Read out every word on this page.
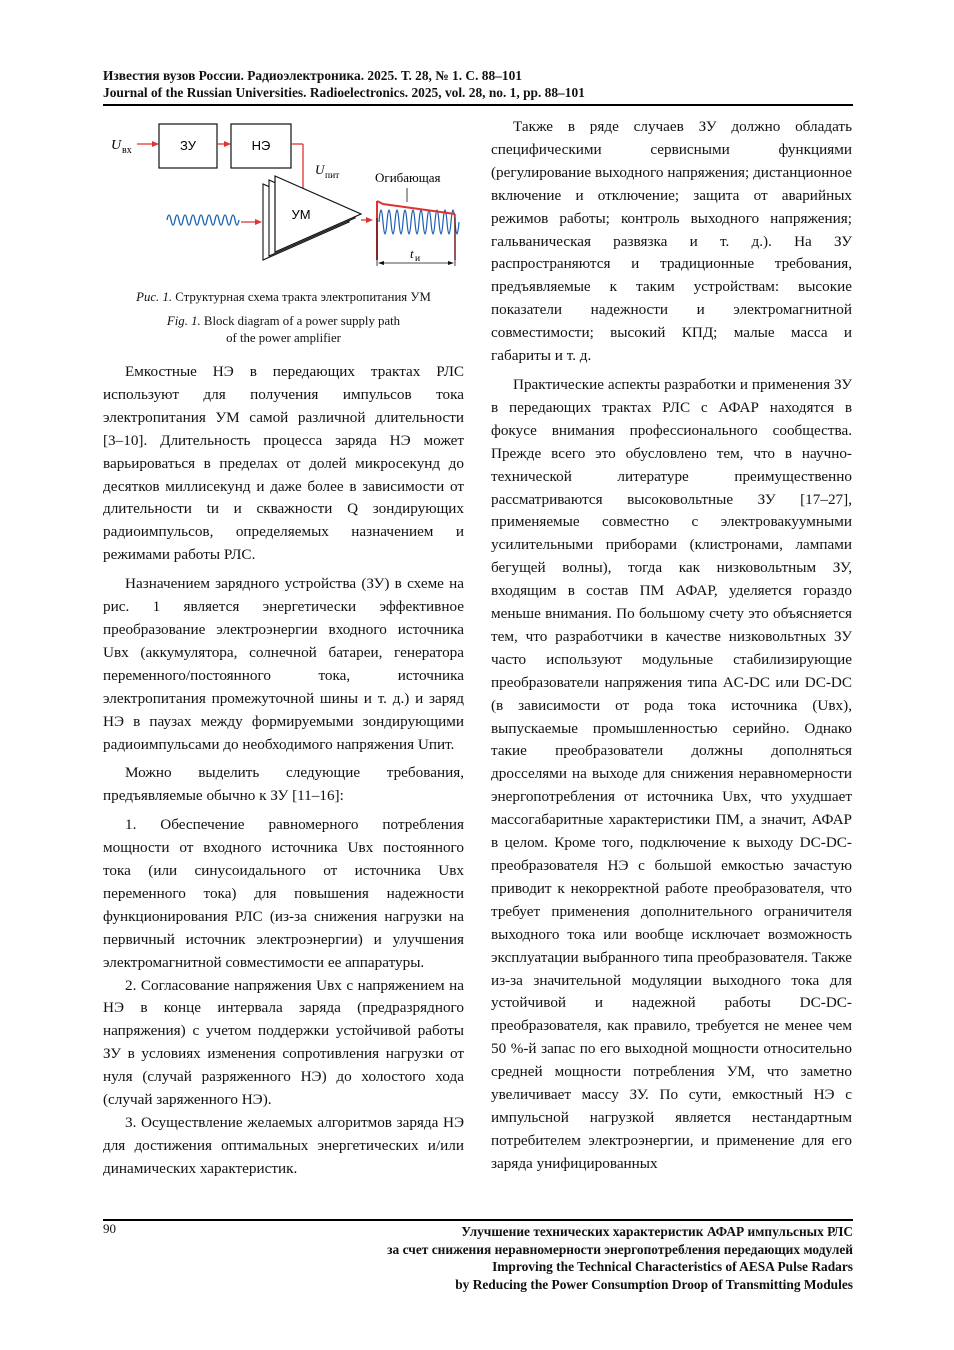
Известия вузов России. Радиоэлектроника. 2025. Т. 28, № 1. С. 88–101
Journal of the Russian Universities. Radioelectronics. 2025, vol. 28, no. 1, pp. 88–101
U вх	ЗУ	НЭ
U пит
УМ
Огибающая
t и
Рис. 1. Структурная схема тракта электропитания УМ
Fig. 1. Block diagram of a power supply path
of the power amplifier

Емкостные НЭ в передающих трактах РЛС используют для получения импульсов тока электропитания УМ самой различной длительности [3–10]. Длительность процесса заряда НЭ может варьироваться в пределах от долей микросекунд до десятков миллисекунд и даже более в зависимости от длительности tи и скважности Q зондирующих радиоимпульсов, определяемых назначением и режимами работы РЛС.

Назначением зарядного устройства (ЗУ) в схеме на рис. 1 является энергетически эффективное преобразование электроэнергии входного источника Uвх (аккумулятора, солнечной батареи, генератора переменного/постоянного тока, источника электропитания промежуточной шины и т. д.) и заряд НЭ в паузах между формируемыми зондирующими радиоимпульсами до необходимого напряжения Uпит.

Можно выделить следующие требования, предъявляемые обычно к ЗУ [11–16]:

1. Обеспечение равномерного потребления мощности от входного источника Uвх постоянного тока (или синусоидального от источника Uвх переменного тока) для повышения надежности функционирования РЛС (из-за снижения нагрузки на первичный источник электроэнергии) и улучшения электромагнитной совместимости ее аппаратуры.

2. Согласование напряжения Uвх с напряжением на НЭ в конце интервала заряда (предразрядного напряжения) с учетом поддержки устойчивой работы ЗУ в условиях изменения сопротивления нагрузки от нуля (случай разряженного НЭ) до холостого хода (случай заряженного НЭ).

3. Осуществление желаемых алгоритмов заряда НЭ для достижения оптимальных энергетических и/или динамических характеристик.

Также в ряде случаев ЗУ должно обладать специфическими сервисными функциями (регулирование выходного напряжения; дистанционное включение и отключение; защита от аварийных режимов работы; контроль выходного напряжения; гальваническая развязка и т. д.). На ЗУ распространяются и традиционные требования, предъявляемые к таким устройствам: высокие показатели надежности и электромагнитной совместимости; высокий КПД; малые масса и габариты и т. д.

Практические аспекты разработки и применения ЗУ в передающих трактах РЛС с АФАР находятся в фокусе внимания профессионального сообщества. Прежде всего это обусловлено тем, что в научно-технической литературе преимущественно рассматриваются высоковольтные ЗУ [17–27], применяемые совместно с электровакуумными усилительными приборами (клистронами, лампами бегущей волны), тогда как низковольтным ЗУ, входящим в состав ПМ АФАР, уделяется гораздо меньше внимания. По большому счету это объясняется тем, что разработчики в качестве низковольтных ЗУ часто используют модульные стабилизирующие преобразователи напряжения типа AC-DC или DC-DC (в зависимости от рода тока источника (Uвх), выпускаемые промышленностью серийно. Однако такие преобразователи должны дополняться дросселями на выходе для снижения неравномерности энергопотребления от источника Uвх, что ухудшает массогабаритные характеристики ПМ, а значит, АФАР в целом. Кроме того, подключение к выходу DC-DC-преобразователя НЭ с большой емкостью зачастую приводит к некорректной работе преобразователя, что требует применения дополнительного ограничителя выходного тока или вообще исключает возможность эксплуатации выбранного типа преобразователя. Также из-за значительной модуляции выходного тока для устойчивой и надежной работы DC-DC-преобразователя, как правило, требуется не менее чем 50 %-й запас по его выходной мощности относительно средней мощности потребления УМ, что заметно увеличивает массу ЗУ. По сути, емкостный НЭ с импульсной нагрузкой является нестандартным потребителем электроэнергии, и применение для его заряда унифицированных

90	Улучшение технических характеристик АФАР импульсных РЛС
за счет снижения неравномерности энергопотребления передающих модулей
Improving the Technical Characteristics of AESA Pulse Radars
by Reducing the Power Consumption Droop of Transmitting Modules
